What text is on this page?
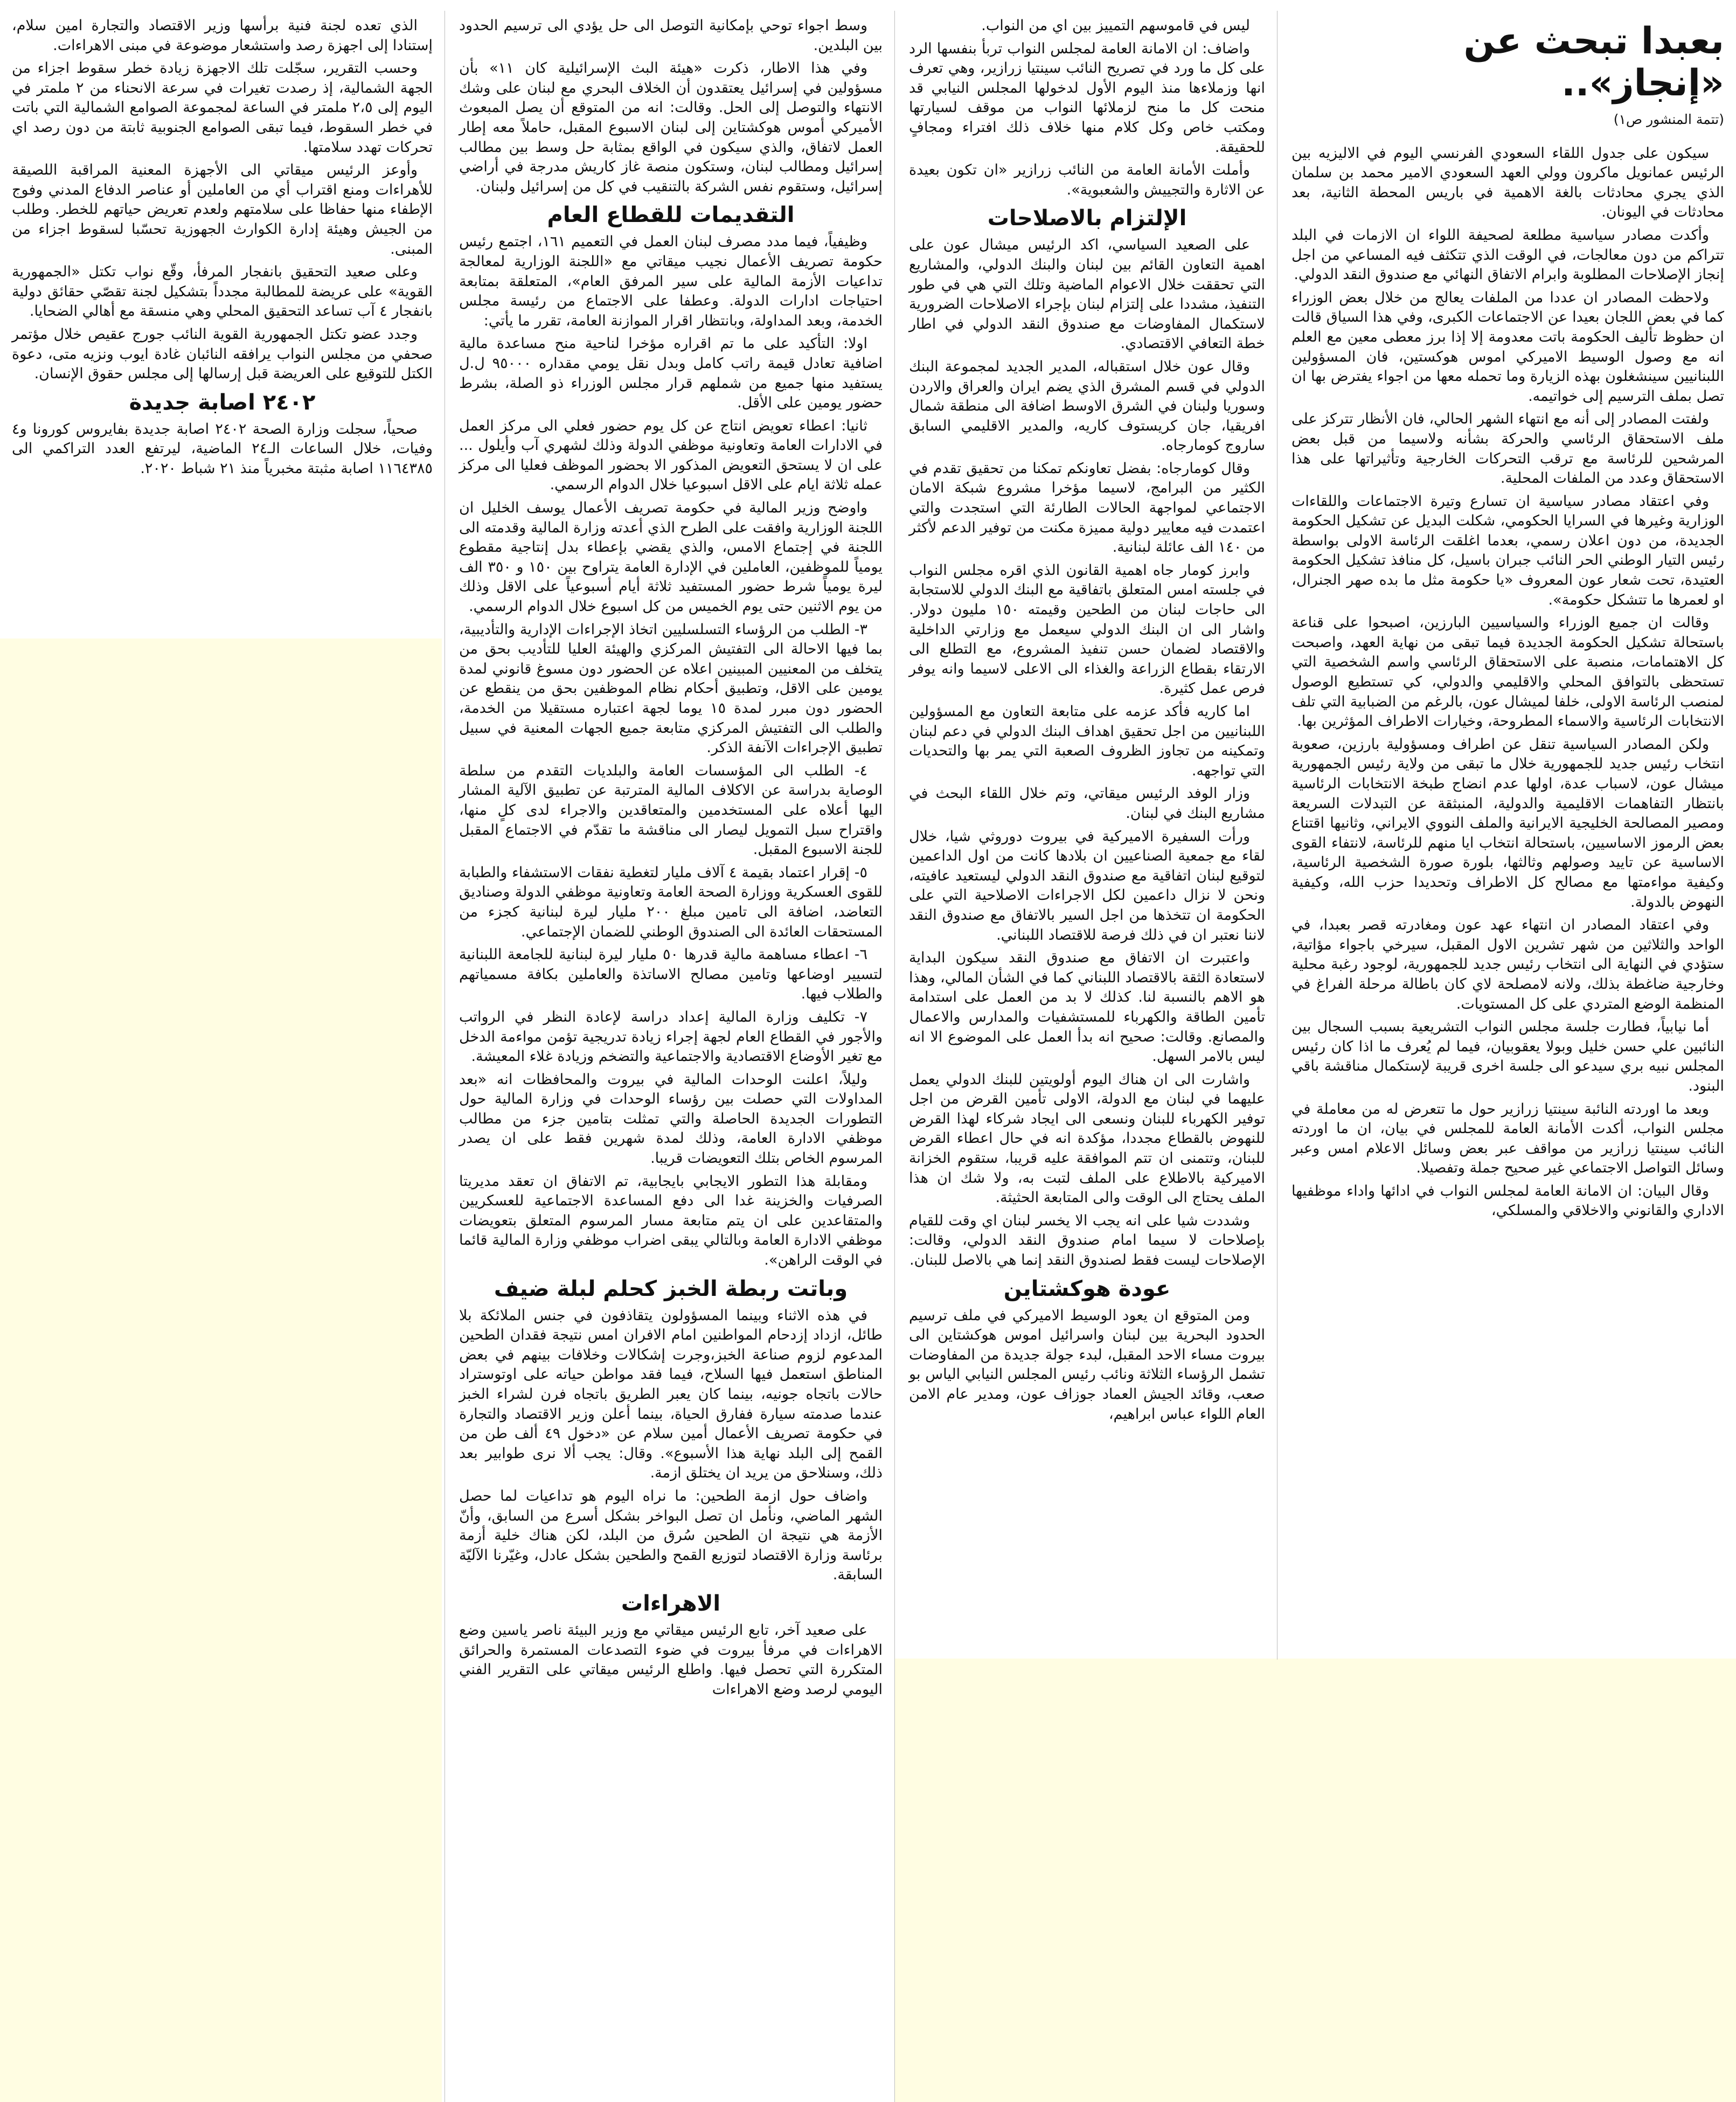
بعبدا تبحث عن «إنجاز»..
(تتمة المنشور ص١)

سيكون على جدول اللقاء السعودي الفرنسي اليوم في الاليزيه بين الرئيس عمانويل ماكرون وولي العهد السعودي الامير محمد بن سلمان الذي يجري محادثات بالغة الاهمية في باريس المحطة الثانية، بعد محادثات في اليونان.

وأكدت مصادر سياسية مطلعة لصحيفة اللواء ان الازمات في البلد تتراكم من دون معالجات، في الوقت الذي تتكثف فيه المساعي من اجل إنجاز الإصلاحات المطلوبة وابرام الاتفاق النهائي مع صندوق النقد الدولي.

ولاحظت المصادر ان عددا من الملفات يعالج من خلال بعض الوزراء كما في بعض اللجان بعيدا عن الاجتماعات الكبرى، وفي هذا السياق قالت ان حظوظ تأليف الحكومة باتت معدومة إلا إذا برز معطى معين مع العلم انه مع وصول الوسيط الاميركي اموس هوكستين، فان المسؤولين اللبنانيين سينشغلون بهذه الزيارة وما تحمله معها من اجواء يفترض بها ان تصل بملف الترسيم إلى خواتيمه.

ولفتت المصادر إلى أنه مع انتهاء الشهر الحالي، فان الأنظار تتركز على ملف الاستحقاق الرئاسي والحركة بشأنه ولاسيما من قبل بعض المرشحين للرئاسة مع ترقب التحركات الخارجية وتأثيراتها على هذا الاستحقاق وعدد من الملفات المحلية.

وفي اعتقاد مصادر سياسية ان تسارع وتيرة الاجتماعات واللقاءات الوزارية وغيرها في السرايا الحكومي، شكلت البديل عن تشكيل الحكومة الجديدة، من دون اعلان رسمي، بعدما اغلقت الرئاسة الاولى بواسطة رئيس التيار الوطني الحر النائب جبران باسيل، كل منافذ تشكيل الحكومة العتيدة، تحت شعار عون المعروف «يا حكومة مثل ما بده صهر الجنرال، او لعمرها ما تتشكل حكومة».

وقالت ان جميع الوزراء والسياسيين البارزين، اصبحوا على قناعة باستحالة تشكيل الحكومة الجديدة فيما تبقى من نهاية العهد، واصبحت كل الاهتمامات، منصبة على الاستحقاق الرئاسي واسم الشخصية التي تستحظى بالتوافق المحلي والاقليمي والدولي، كي تستطيع الوصول لمنصب الرئاسة الاولى، خلفا لميشال عون، بالرغم من الضبابية التي تلف الانتخابات الرئاسية والاسماء المطروحة، وخيارات الاطراف المؤثرين بها.

ولكن المصادر السياسية تنقل عن اطراف ومسؤولية بارزين، صعوبة انتخاب رئيس جديد للجمهورية خلال ما تبقى من ولاية رئيس الجمهورية ميشال عون، لاسباب عدة، اولها عدم انضاج طبخة الانتخابات الرئاسية بانتظار التفاهمات الاقليمية والدولية، المنبثقة عن التبدلات السريعة ومصير المصالحة الخليجية الايرانية والملف النووي الايراني، وثانيها اقتناع بعض الرموز الاساسيين، باستحالة انتخاب ايا منهم للرئاسة، لانتفاء القوى الاساسية عن تاييد وصولهم وثالثها، بلورة صورة الشخصية الرئاسية، وكيفية مواءمتها مع مصالح كل الاطراف وتحديدا حزب الله، وكيفية النهوض بالدولة.

وفي اعتقاد المصادر ان انتهاء عهد عون ومغادرته قصر بعبدا، في الواحد والثلاثين من شهر تشرين الاول المقبل، سيرخي باجواء مؤاتية، ستؤدي في النهاية الى انتخاب رئيس جديد للجمهورية، لوجود رغبة محلية وخارجية ضاغطة بذلك، ولانه لامصلحة لاي كان باطالة مرحلة الفراغ في المنظمة الوضع المتردي على كل المستويات.

أما نيابياً، فطارت جلسة مجلس النواب التشريعية بسبب السجال بين النائبين علي حسن خليل وبولا يعقوبيان، فيما لم يُعرف ما اذا كان رئيس المجلس نبيه بري سيدعو الى جلسة اخرى قريبة لإستكمال مناقشة باقي البنود.

وبعد ما اوردته النائبة سينتيا زرازير حول ما تتعرض له من معاملة في مجلس النواب، أكدت الأمانة العامة للمجلس في بيان، ان ما اوردته النائب سينتيا زرازير من مواقف عبر بعض وسائل الاعلام امس وعبر وسائل التواصل الاجتماعي غير صحيح جملة وتفصيلا.

وقال البيان: ان الامانة العامة لمجلس النواب في ادائها واداء موظفيها الاداري والقانوني والاخلاقي والمسلكي،

ليس في قاموسهم التمييز بين اي من النواب.

واضاف: ان الامانة العامة لمجلس النواب تربأ بنفسها الرد على كل ما ورد في تصريح النائب سينتيا زرازير، وهي تعرف انها وزملاءها منذ اليوم الأول لدخولها المجلس النيابي قد منحت كل ما منح لزملائها النواب من موقف لسيارتها ومكتب خاص وكل كلام منها خلاف ذلك افتراء ومجافٍ للحقيقة.

وأملت الأمانة العامة من النائب زرازير «ان تكون بعيدة عن الاثارة والتجييش والشعبوية».

الإلتزام بالاصلاحات

على الصعيد السياسي، اكد الرئيس ميشال عون على اهمية التعاون القائم بين لبنان والبنك الدولي، والمشاريع التي تحققت خلال الاعوام الماضية وتلك التي هي في طور التنفيذ، مشددا على إلتزام لبنان بإجراء الاصلاحات الضرورية لاستكمال المفاوضات مع صندوق النقد الدولي في اطار خطة التعافي الاقتصادي.

وقال عون خلال استقباله، المدير الجديد لمجموعة البنك الدولي في قسم المشرق الذي يضم ايران والعراق والاردن وسوريا ولبنان في الشرق الاوسط اضافة الى منطقة شمال افريقيا، جان كريستوف كاريه، والمدير الاقليمي السابق ساروج كومارجاه.

وقال كومارجاه: بفضل تعاونكم تمكنا من تحقيق تقدم في الكثير من البرامج، لاسيما مؤخرا مشروع شبكة الامان الاجتماعي لمواجهة الحالات الطارئة التي استجدت والتي اعتمدت فيه معايير دولية مميزة مكنت من توفير الدعم لأكثر من ١٤٠ الف عائلة لبنانية.

وابرز كومار جاه اهمية القانون الذي اقره مجلس النواب في جلسته امس المتعلق باتفاقية مع البنك الدولي للاستجابة الى حاجات لبنان من الطحين وقيمته ١٥٠ مليون دولار. واشار الى ان البنك الدولي سيعمل مع وزارتي الداخلية والاقتصاد لضمان حسن تنفيذ المشروع، مع التطلع الى الارتقاء بقطاع الزراعة والغذاء الى الاعلى لاسيما وانه يوفر فرص عمل كثيرة.

اما كاريه فأكد عزمه على متابعة التعاون مع المسؤولين اللبنانيين من اجل تحقيق اهداف البنك الدولي في دعم لبنان وتمكينه من تجاوز الظروف الصعبة التي يمر بها والتحديات التي تواجهه.

وزار الوفد الرئيس ميقاتي، وتم خلال اللقاء البحث في مشاريع البنك في لبنان.

ورأت السفيرة الاميركية في بيروت دوروثي شيا، خلال لقاء مع جمعية الصناعيين ان بلادها كانت من اول الداعمين لتوقيع لبنان اتفاقية مع صندوق النقد الدولي ليستعيد عافيته، ونحن لا نزال داعمين لكل الاجراءات الاصلاحية التي على الحكومة ان تتخذها من اجل السير بالاتفاق مع صندوق النقد لاننا نعتبر ان في ذلك فرصة للاقتصاد اللبناني.

واعتبرت ان الاتفاق مع صندوق النقد سيكون البداية لاستعادة الثقة بالاقتصاد اللبناني كما في الشأن المالي، وهذا هو الاهم بالنسبة لنا. كذلك لا بد من العمل على استدامة تأمين الطاقة والكهرباء للمستشفيات والمدارس والاعمال والمصانع. وقالت: صحيح انه بدأ العمل على الموضوع الا انه ليس بالامر السهل.

واشارت الى ان هناك اليوم أولويتين للبنك الدولي يعمل عليهما في لبنان مع الدولة، الاولى تأمين القرض من اجل توفير الكهرباء للبنان ونسعى الى ايجاد شركاء لهذا القرض للنهوض بالقطاع مجددا، مؤكدة انه في حال اعطاء القرض للبنان، وتتمنى ان تتم الموافقة عليه قريبا، ستقوم الخزانة الاميركية بالاطلاع على الملف لتبت به، ولا شك ان هذا الملف يحتاج الى الوقت والى المتابعة الحثيثة.

وشددت شيا على انه يجب الا يخسر لبنان اي وقت للقيام بإصلاحات لا سيما امام صندوق النقد الدولي، وقالت: الإصلاحات ليست فقط لصندوق النقد إنما هي بالاصل للبنان.

عودة هوكشتاين

ومن المتوقع ان يعود الوسيط الاميركي في ملف ترسيم الحدود البحرية بين لبنان واسرائيل اموس هوكشتاين الى بيروت مساء الاحد المقبل، لبدء جولة جديدة من المفاوضات تشمل الرؤساء الثلاثة ونائب رئيس المجلس النيابي الياس بو صعب، وقائد الجيش العماد جوزاف عون، ومدير عام الامن العام اللواء عباس ابراهيم،

وسط اجواء توحي بإمكانية التوصل الى حل يؤدي الى ترسيم الحدود بين البلدين.

وفي هذا الاطار، ذكرت «هيئة البث الإسرائيلية كان ١١» بأن مسؤولين في إسرائيل يعتقدون أن الخلاف البحري مع لبنان على وشك الانتهاء والتوصل إلى الحل. وقالت: انه من المتوقع أن يصل المبعوث الأميركي أموس هوكشتاين إلى لبنان الاسبوع المقبل، حاملاً معه إطار العمل لاتفاق، والذي سيكون في الواقع بمثابة حل وسط بين مطالب إسرائيل ومطالب لبنان، وستكون منصة غاز كاريش مدرجة في أراضي إسرائيل، وستقوم نفس الشركة بالتنقيب في كل من إسرائيل ولبنان.

التقديمات للقطاع العام

وظيفياً، فيما مدد مصرف لبنان العمل في التعميم ١٦١، اجتمع رئيس حكومة تصريف الأعمال نجيب ميقاتي مع «اللجنة الوزارية لمعالجة تداعيات الأزمة المالية على سير المرفق العام»، المتعلقة بمتابعة احتياجات ادارات الدولة. وعطفا على الاجتماع من رئيسة مجلس الخدمة، وبعد المداولة، وبانتظار اقرار الموازنة العامة، تقرر ما يأتي:

اولا: التأكيد على ما تم اقراره مؤخرا لناحية منح مساعدة مالية اضافية تعادل قيمة راتب كامل وبدل نقل يومي مقداره ٩٥٠٠٠ ل.ل يستفيد منها جميع من شملهم قرار مجلس الوزراء ذو الصلة، بشرط حضور يومين على الأقل.

ثانيا: اعطاء تعويض انتاج عن كل يوم حضور فعلي الى مركز العمل في الادارات العامة وتعاونية موظفي الدولة وذلك لشهري آب وأيلول ... على ان لا يستحق التعويض المذكور الا بحضور الموظف فعليا الى مركز عمله ثلاثة ايام على الاقل اسبوعيا خلال الدوام الرسمي.

واوضح وزير المالية في حكومة تصريف الأعمال يوسف الخليل ان اللجنة الوزارية وافقت على الطرح الذي أعدته وزارة المالية وقدمته الى اللجنة في إجتماع الامس، والذي يقضي بإعطاء بدل إنتاجية مقطوع يومياً للموظفين، العاملين في الإدارة العامة يتراوح بين ١٥٠ و ٣٥٠ الف ليرة يومياً شرط حضور المستفيد ثلاثة أيام أسبوعياً على الاقل وذلك من يوم الاثنين حتى يوم الخميس من كل اسبوع خلال الدوام الرسمي.

٣- الطلب من الرؤساء التسلسليين اتخاذ الإجراءات الإدارية والتأديبية، بما فيها الاحالة الى التفتيش المركزي والهيئة العليا للتأديب بحق من يتخلف من المعنيين المبينين اعلاه عن الحضور دون مسوغ قانوني لمدة يومين على الاقل، وتطبيق أحكام نظام الموظفين بحق من ينقطع عن الحضور دون مبرر لمدة ١٥ يوما لجهة اعتباره مستقيلا من الخدمة، والطلب الى التفتيش المركزي متابعة جميع الجهات المعنية في سبيل تطبيق الإجراءات الآنفة الذكر.

٤- الطلب الى المؤسسات العامة والبلديات التقدم من سلطة الوصاية بدراسة عن الاكلاف المالية المترتبة عن تطبيق الآلية المشار اليها أعلاه على المستخدمين والمتعاقدين والاجراء لدى كلٍ منها، واقتراح سبل التمويل ليصار الى مناقشة ما تقدّم في الاجتماع المقبل للجنة الاسبوع المقبل.

٥- إقرار اعتماد بقيمة ٤ آلاف مليار لتغطية نفقات الاستشفاء والطبابة للقوى العسكرية ووزارة الصحة العامة وتعاونية موظفي الدولة وصناديق التعاضد، اضافة الى تامين مبلغ ٢٠٠ مليار ليرة لبنانية كجزء من المستحقات العائدة الى الصندوق الوطني للضمان الإجتماعي.

٦- اعطاء مساهمة مالية قدرها ٥٠ مليار ليرة لبنانية للجامعة اللبنانية لتسيير اوضاعها وتامين مصالح الاساتذة والعاملين بكافة مسمياتهم والطلاب فيها.

٧- تكليف وزارة المالية إعداد دراسة لإعادة النظر في الرواتب والأجور في القطاع العام لجهة إجراء زيادة تدريجية تؤمن مواءمة الدخل مع تغير الأوضاع الاقتصادية والاجتماعية والتضخم وزيادة غلاء المعيشة.

وليلاً، اعلنت الوحدات المالية في بيروت والمحافظات انه «بعد المداولات التي حصلت بين رؤساء الوحدات في وزارة المالية حول التطورات الجديدة الحاصلة والتي تمثلت بتامين جزء من مطالب موظفي الادارة العامة، وذلك لمدة شهرين فقط على ان يصدر المرسوم الخاص بتلك التعويضات قريبا.

ومقابلة هذا التطور الايجابي بايجابية، تم الاتفاق ان تعقد مديريتا الصرفيات والخزينة غدا الى دفع المساعدة الاجتماعية للعسكريين والمتقاعدين على ان يتم متابعة مسار المرسوم المتعلق بتعويضات موظفي الادارة العامة وبالتالي يبقى اضراب موظفي وزارة المالية قائما في الوقت الراهن».

وباتت ربطة الخبز كحلم لبلة ضيف

في هذه الاثناء وبينما المسؤولون يتقاذفون في جنس الملائكة بلا طائل، ازداد إزدحام المواطنين امام الافران امس نتيجة فقدان الطحين المدعوم لزوم صناعة الخبز،وجرت إشكالات وخلافات بينهم في بعض المناطق استعمل فيها السلاح، فيما فقد مواطن حياته على اوتوستراد حالات باتجاه جونيه، بينما كان يعبر الطريق باتجاه فرن لشراء الخبز عندما صدمته سيارة ففارق الحياة، بينما أعلن وزير الاقتصاد والتجارة في حكومة تصريف الأعمال أمين سلام عن «دخول ٤٩ ألف طن من القمح إلى البلد نهاية هذا الأسبوع». وقال: يجب ألا نرى طوابير بعد ذلك، وسنلاحق من يريد ان يختلق ازمة.

واضاف حول ازمة الطحين: ما نراه اليوم هو تداعيات لما حصل الشهر الماضي، ونأمل ان تصل البواخر بشكل أسرع من السابق، وأنّ الأزمة هي نتيجة ان الطحين سُرق من البلد، لكن هناك خلية أزمة برئاسة وزارة الاقتصاد لتوزيع القمح والطحين بشكل عادل، وغيّرنا الآليّة السابقة.

الاهراءات

على صعيد آخر، تابع الرئيس ميقاتي مع وزير البيئة ناصر ياسين وضع الاهراءات في مرفأ بيروت في ضوء التصدعات المستمرة والحرائق المتكررة التي تحصل فيها. واطلع الرئيس ميقاتي على التقرير الفني اليومي لرصد وضع الاهراءات

الذي تعده لجنة فنية برأسها وزير الاقتصاد والتجارة امين سلام، إستنادا إلى اجهزة رصد واستشعار موضوعة في مبنى الاهراءات.

وحسب التقرير، سجّلت تلك الاجهزة زيادة خطر سقوط اجزاء من الجهة الشمالية، إذ رصدت تغيرات في سرعة الانحناء من ٢ ملمتر في اليوم إلى ٢،٥ ملمتر في الساعة لمجموعة الصوامع الشمالية التي باتت في خطر السقوط، فيما تبقى الصوامع الجنوبية ثابتة من دون رصد اي تحركات تهدد سلامتها.

وأوعز الرئيس ميقاتي الى الأجهزة المعنية المراقبة اللصيقة للأهراءات ومنع اقتراب أي من العاملين أو عناصر الدفاع المدني وفوج الإطفاء منها حفاظا على سلامتهم ولعدم تعريض حياتهم للخطر. وطلب من الجيش وهيئة إدارة الكوارث الجهوزية تحسّبا لسقوط اجزاء من المبنى.

وعلى صعيد التحقيق بانفجار المرفأ، وقّع نواب تكتل «الجمهورية القوية» على عريضة للمطالبة مجدداً بتشكيل لجنة تقصّي حقائق دولية بانفجار ٤ آب تساعد التحقيق المحلي وهي منسقة مع أهالي الضحايا.

وجدد عضو تكتل الجمهورية القوية النائب جورج عقيص خلال مؤتمر صحفي من مجلس النواب يرافقه النائبان غادة ايوب ونزيه متى، دعوة الكتل للتوقيع على العريضة قبل إرسالها إلى مجلس حقوق الإنسان.

٢٤٠٢ اصابة جديدة

صحياً، سجلت وزارة الصحة ٢٤٠٢ اصابة جديدة بفايروس كورونا و٤ وفيات، خلال الساعات الـ٢٤ الماضية، ليرتفع العدد التراكمي الى ١١٦٤٣٨٥ اصابة مثبتة مخبرياً منذ ٢١ شباط ٢٠٢٠.
